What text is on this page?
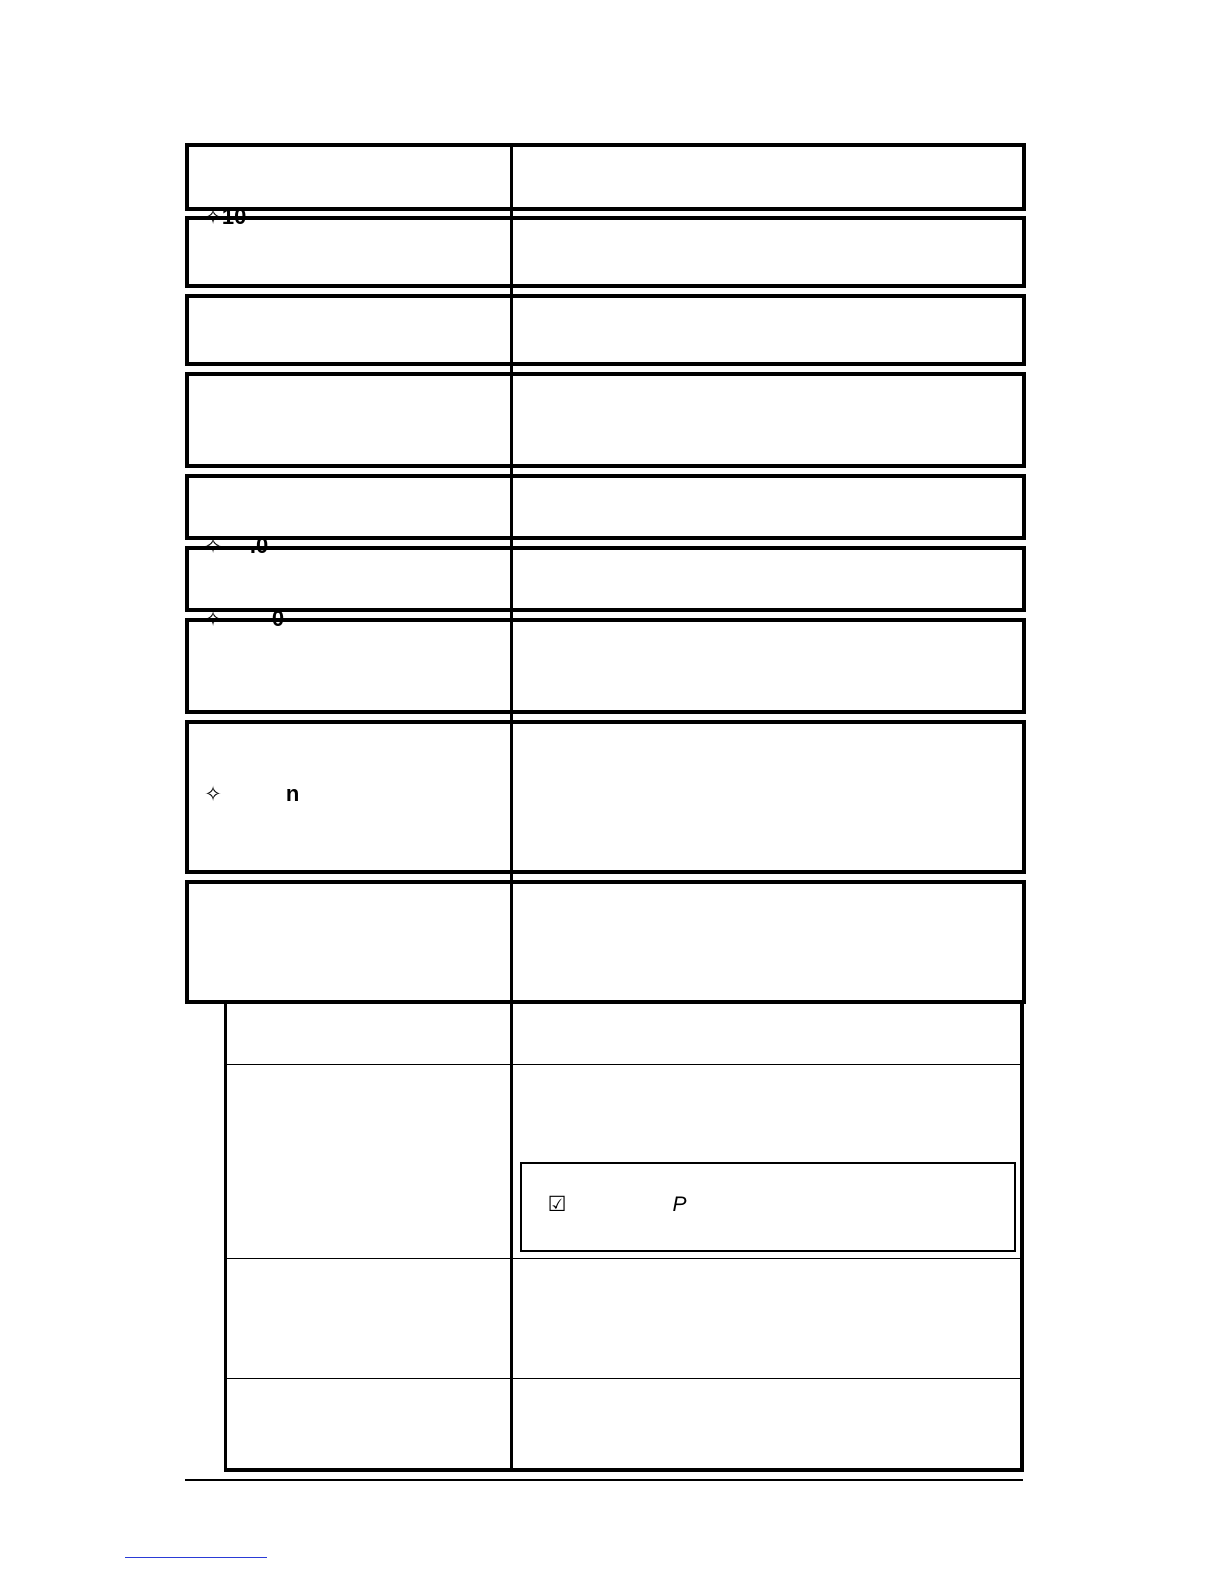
✧10

✧ .0

✧ 0

✧	n

☑	P
